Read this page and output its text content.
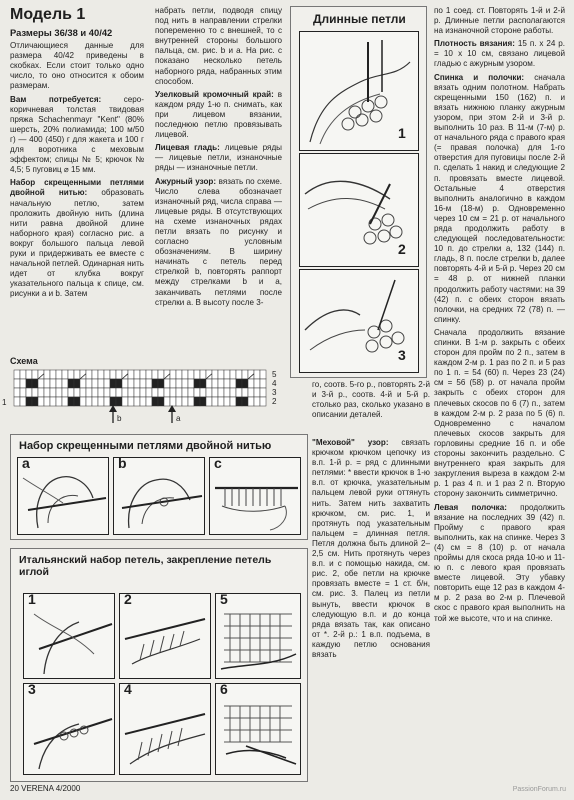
Модель 1

Размеры 36/38 и 40/42

Отличающиеся данные для размера 40/42 приведены в скобках. Если стоит только одно число, то оно относится к обоим размерам.

Вам потребуется:	серо-коричневая толстая твидовая пряжа Schachenmayr "Kent" (80% шерсть, 20% полиамида; 100 м/50 г) — 400 (450) г для жакета и 100 г для воротника с меховым эффектом; спицы № 5; крючок № 4,5; 5 пуговиц ⌀ 15 мм.

Набор скрещенными петлями двойной нитью: образовать начальную петлю, затем проложить двойную нить (длина нити равна двойной длине наборного края) согласно рис. а вокруг большого пальца левой руки и придерживать ее вместе с начальной петлей. Одинарная нить идет от клубка вокруг указательного пальца к спице, см. рисунки а и b. Затем

набрать петли, подводя спицу под нить в направлении стрелки попеременно то с внешней, то с внутренней стороны большого пальца, см. рис. b и a. На рис. c показано несколько петель наборного ряда, набранных этим способом.

Узелковый кромочный край: в каждом ряду 1-ю п. снимать, как при лицевом вязании, последнюю петлю провязывать лицевой.

Лицевая гладь: лицевые ряды — лицевые петли, изнаночные ряды — изнаночные петли.

Ажурный узор: вязать по схеме. Число слева обозначает изнаночный ряд, числа справа — лицевые ряды. В отсутствующих на схеме изнаночных рядах петли вязать по рисунку и согласно условным обозначениям. В ширину начинать с петель перед стрелкой b, повторять раппорт между стрелками b и a, заканчивать петлями после стрелки a. В высоту после 3-

Длинные петли
1
2
3

по 1 соед. ст. Повторять 1-й и 2-й р. Длинные петли располагаются на изнаночной стороне работы.

Плотность вязания: 15 п. х 24 р. = 10 х 10 см, связано лицевой гладью с ажурным узором.

Спинка и полочки: сначала вязать одним полотном. Набрать скрещенными 150 (162) п. и вязать нижнюю планку ажурным узором, при этом 2-й и 3-й р. выполнить 10 раз. В 11-м (7-м) р. от начального ряда с правого края (= правая полочка) для 1-го отверстия для пуговицы после 2-й п. сделать 1 накид и следующие 2 п. провязать вместе лицевой. Остальные 4 отверстия выполнить аналогично в каждом 16-м (18-м) р. Одновременно через 10 см = 21 р. от начального ряда продолжить работу в следующей последовательности: 10 п. до стрелки a, 132 (144) п. гладь, 8 п. после стрелки b, далее повторять 4-й и 5-й р. Через 20 см = 48 р. от нижней планки продолжить работу частями: на 39 (42) п. с обеих сторон вязать полочки, на средних 72 (78) п. — спинку.

Сначала продолжить вязание спинки. В 1-м р. закрыть с обеих сторон для пройм по 2 п., затем в каждом 2-м р. 1 раз по 2 п. и 5 раз по 1 п. = 54 (60) п. Через 23 (24) см = 56 (58) р. от начала пройм закрыть с обеих сторон для плечевых скосов по 6 (7) п., затем в каждом 2-м р. 2 раза по 5 (6) п. Одновременно с началом плечевых скосов закрыть для горловины средние 16 п. и обе стороны закончить раздельно. С внутреннего края закрыть для закругления выреза в каждом 2-м р. 1 раз 4 п. и 1 раз 2 п. Вторую сторону закончить симметрично.

Левая полочка: продолжить вязание на последних 39 (42) п. Пройму с правого края выполнить, как на спинке. Через 3 (4) см = 8 (10) р. от начала проймы для скоса ряда 10-ю и 11-ю п. с левого края провязать вместе лицевой. Эту убавку повторить еще 12 раз в каждом 4-м р. 2 раза во 2-м р. Плечевой скос с правого края выполнить на той же высоте, что и на спинке.

Схема
1
5
4
3
2
b	a
го, соотв. 5-го р., повторять 2-й и 3-й р., соотв. 4-й и 5-й р. столько раз, сколько указано в описании деталей.
Набор скрещенными петлями двойной нитью
a	b	c
Итальянский набор петель, закрепление петель иглой
1	2
3	4
5
6

"Меховой" узор: связать крючком крючком цепочку из в.п. 1-й р. = ряд с длинными петлями: * ввести крючок в 1-ю в.п. от крючка, указательным пальцем левой руки оттянуть нить. Затем нить захватить крючком, см. рис. 1, и протянуть под указательным пальцем = длинная петля. Петля должна быть длиной 2–2,5 см. Нить протянуть через в.п. и с помощью накида, см. рис. 2, обе петли на крючке провязать вместе = 1 ст. б/н, см. рис. 3. Палец из петли вынуть, ввести крючок в следующую в.п. и до конца ряда вязать так, как описано от *. 2-й р.: 1 в.п. подъема, в каждую петлю основания вязать

20 VERENA 4/2000	PassionForum.ru
